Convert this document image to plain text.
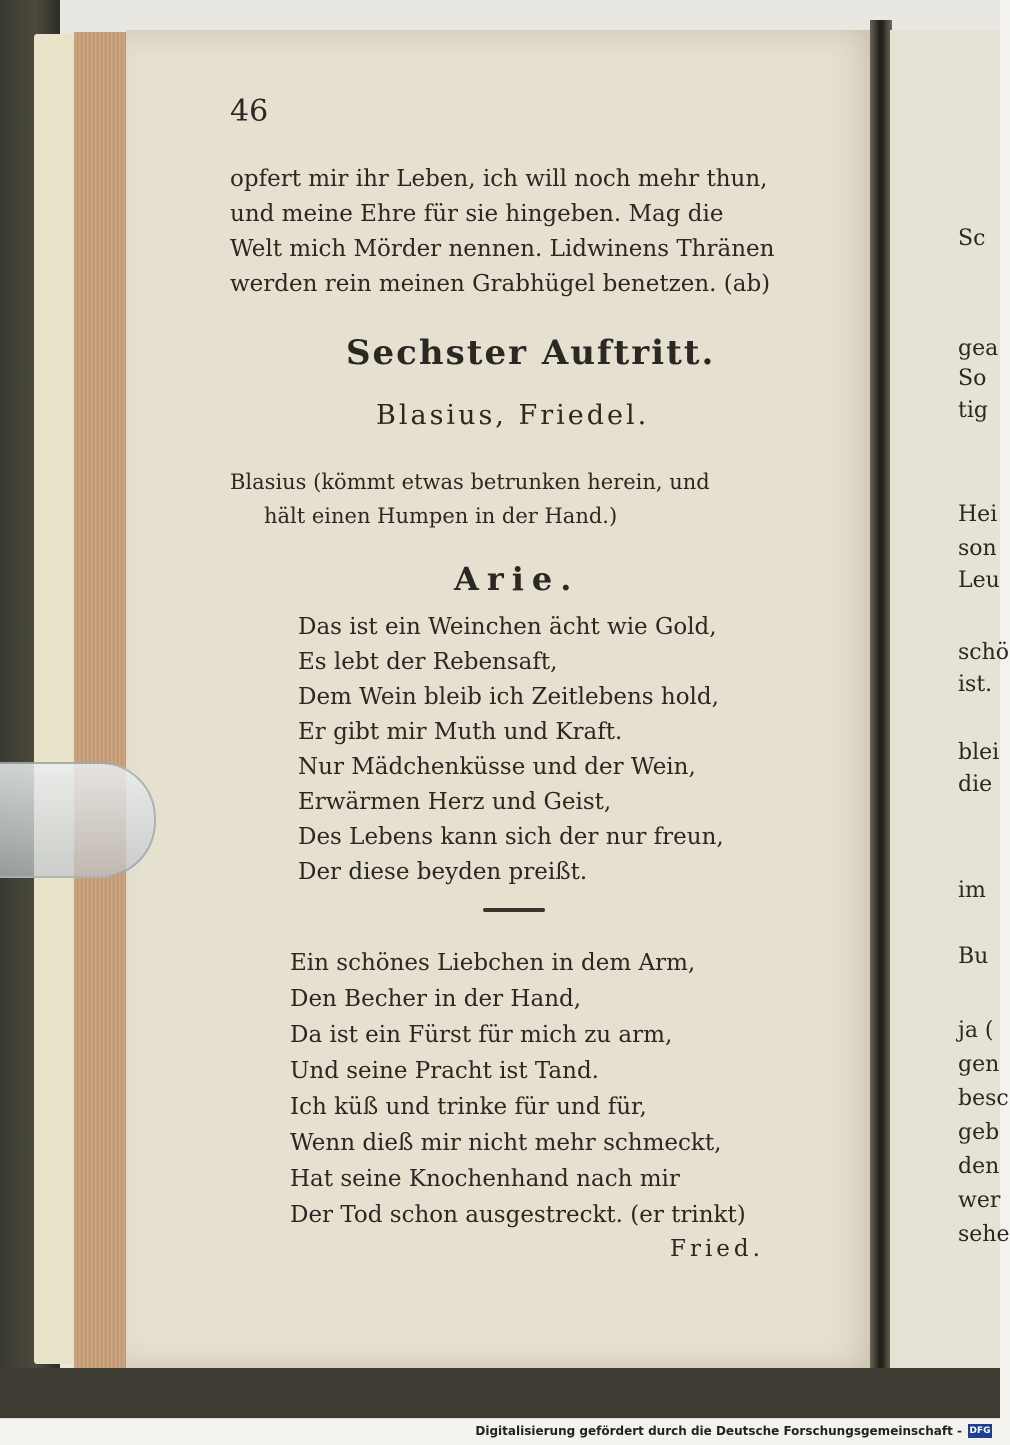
46
opfert mir ihr Leben, ich will noch mehr thun,
und meine Ehre für sie hingeben. Mag die
Welt mich Mörder nennen. Lidwinens Thränen
werden rein meinen Grabhügel benetzen. (ab)
Sechster Auftritt.
Blasius, Friedel.
Blasius (kömmt etwas betrunken herein, und
hält einen Humpen in der Hand.)
Arie.
Das ist ein Weinchen ächt wie Gold,
Es lebt der Rebensaft,
Dem Wein bleib ich Zeitlebens hold,
Er gibt mir Muth und Kraft.
Nur Mädchenküsse und der Wein,
Erwärmen Herz und Geist,
Des Lebens kann sich der nur freun,
Der diese beyden preißt.
Ein schönes Liebchen in dem Arm,
Den Becher in der Hand,
Da ist ein Fürst für mich zu arm,
Und seine Pracht ist Tand.
Ich küß und trinke für und für,
Wenn dieß mir nicht mehr schmeckt,
Hat seine Knochenhand nach mir
Der Tod schon ausgestreckt. (er trinkt)
Fried.
Sc
gea
So
tig
Hei
son
Leu
schö
ist.
blei
die
im
Bu
ja (
gen
besc
geb
den
wer
sehe
Digitalisierung gefördert durch die Deutsche Forschungsgemeinschaft - DFG
